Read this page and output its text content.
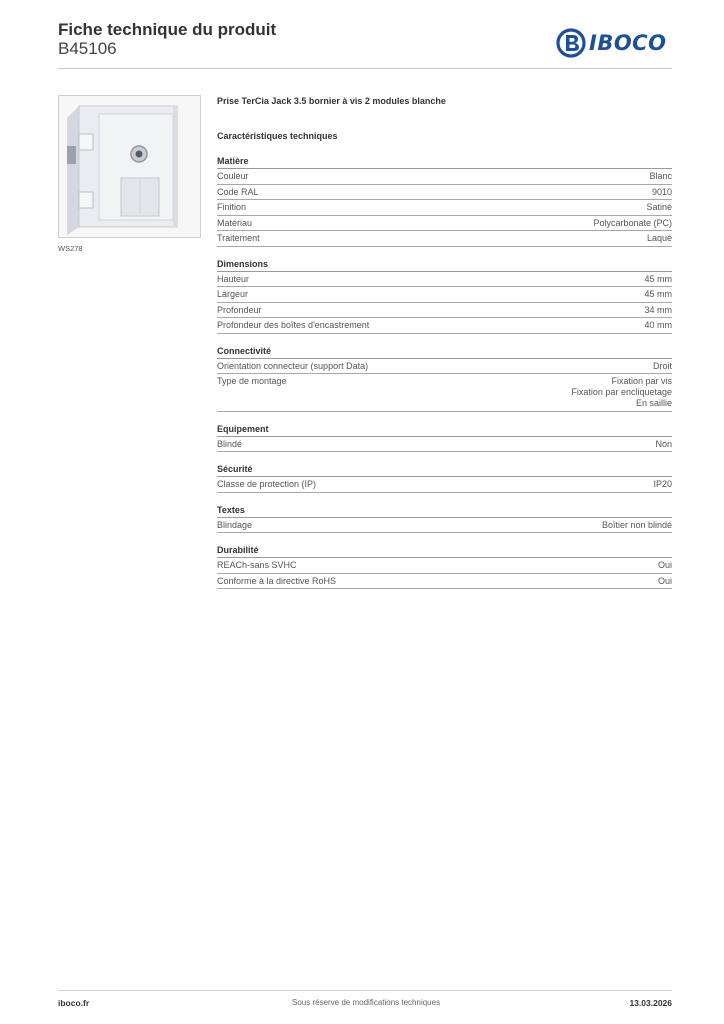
Fiche technique du produit
B45106	IBOCO
WS278
Prise TerCia Jack 3.5 bornier à vis 2 modules blanche
Caractéristiques techniques
Matière
Couleur	Blanc
Code RAL	9010
Finition	Satiné
Matériau	Polycarbonate (PC)
Traitement	Laqué
Dimensions
Hauteur	45 mm
Largeur	45 mm
Profondeur	34 mm
Profondeur des boîtes d'encastrement	40 mm
Connectivité
Orientation connecteur (support Data)	Droit
Type de montage	Fixation par vis
Fixation par encliquetage
En saillie
Equipement
Blindé	Non
Sécurité
Classe de protection (IP)	IP20
Textes
Blindage	Boîtier non blindé
Durabilité
REACh-sans SVHC	Oui
Conforme à la directive RoHS	Oui
iboco.fr	Sous réserve de modifications techniques	13.03.2026
